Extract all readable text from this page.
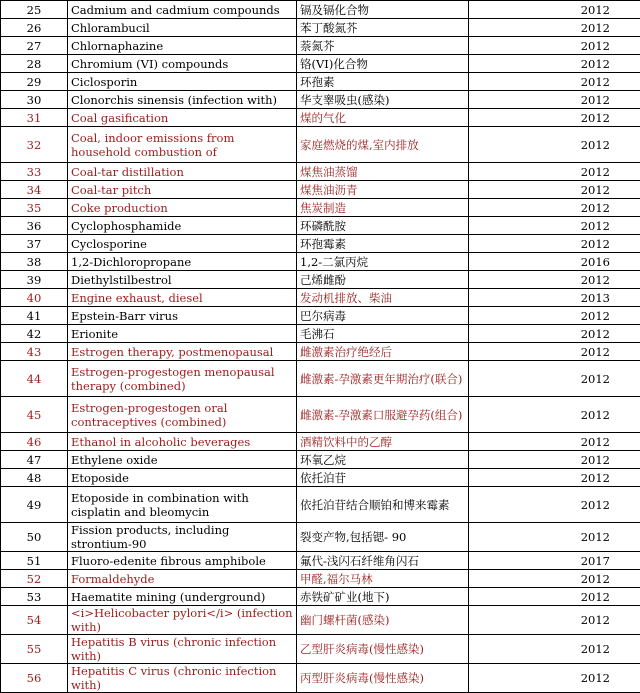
25	Cadmium and cadmium compounds	镉及镉化合物		2012
26	Chlorambucil	苯丁酸氮芥		2012
27	Chlornaphazine	萘氮芥		2012
28	Chromium (VI) compounds	铬(VI)化合物		2012
29	Ciclosporin	环孢素		2012
30	Clonorchis sinensis (infection with)	华支睾吸虫(感染)		2012
31	Coal gasification	煤的气化		2012
32	Coal, indoor emissions from household combustion of	家庭燃烧的煤,室内排放		2012
33	Coal-tar distillation	煤焦油蒸馏		2012
34	Coal-tar pitch	煤焦油沥青		2012
35	Coke production	焦炭制造		2012
36	Cyclophosphamide	环磷酰胺		2012
37	Cyclosporine	环孢霉素		2012
38	1,2-Dichloropropane	1,2-二氯丙烷		2016
39	Diethylstilbestrol	己烯雌酚		2012
40	Engine exhaust, diesel	发动机排放、柴油		2013
41	Epstein-Barr virus	巴尔病毒		2012
42	Erionite	毛沸石		2012
43	Estrogen therapy, postmenopausal	雌激素治疗绝经后		2012
44	Estrogen-progestogen menopausal therapy (combined)	雌激素-孕激素更年期治疗(联合)		2012
45	Estrogen-progestogen oral contraceptives (combined)	雌激素-孕激素口服避孕药(组合)		2012
46	Ethanol in alcoholic beverages	酒精饮料中的乙醇		2012
47	Ethylene oxide	环氧乙烷		2012
48	Etoposide	依托泊苷		2012
49	Etoposide in combination with cisplatin and bleomycin	依托泊苷结合顺铂和博来霉素		2012
50	Fission products, including strontium-90	裂变产物,包括锶- 90		2012
51	Fluoro-edenite fibrous amphibole	氟代-浅闪石纤维角闪石		2017
52	Formaldehyde	甲醛,福尔马林		2012
53	Haematite mining (underground)	赤铁矿矿业(地下)		2012
54	<i>Helicobacter pylori</i> (infection with)	幽门螺杆菌(感染)		2012
55	Hepatitis B virus (chronic infection with)	乙型肝炎病毒(慢性感染)		2012
56	Hepatitis C virus (chronic infection with)	丙型肝炎病毒(慢性感染)		2012
